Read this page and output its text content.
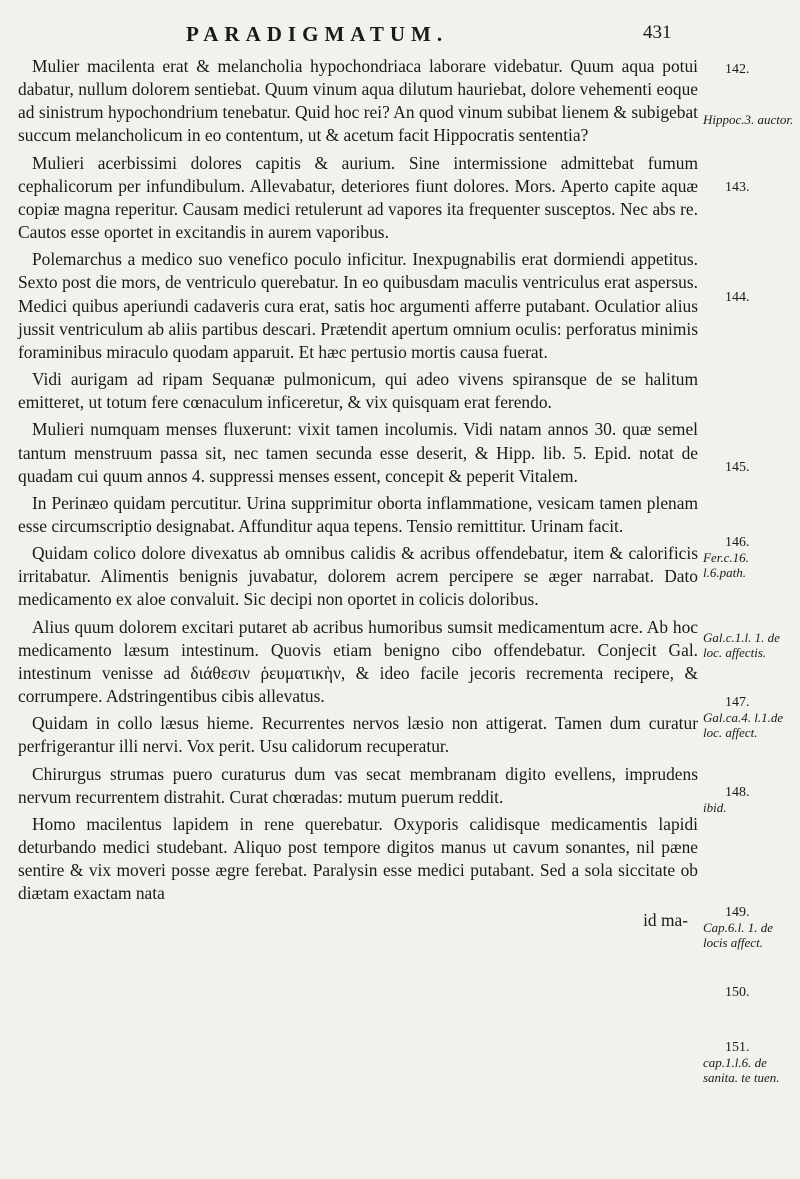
PARADIGMATUM.	431

Mulier macilenta erat & melancholia hypochondriaca laborare videbatur. Quum aqua potui dabatur, nullum dolorem sentiebat. Quum vinum aqua dilutum hauriebat, dolore vehementi eoque ad sinistrum hypochondrium tenebatur. Quid hoc rei? An quod vinum subibat lienem & subigebat succum melancholicum in eo contentum, ut & acetum facit Hippocratis sententia?

Mulieri acerbissimi dolores capitis & aurium. Sine intermissione admittebat fumum cephalicorum per infundibulum. Allevabatur, deteriores fiunt dolores. Mors. Aperto capite aquæ copiæ magna reperitur. Causam medici retulerunt ad vapores ita frequenter susceptos. Nec abs re. Cautos esse oportet in excitandis in aurem vaporibus.

Polemarchus a medico suo venefico poculo inficitur. Inexpugnabilis erat dormiendi appetitus. Sexto post die mors, de ventriculo querebatur. In eo quibusdam maculis ventriculus erat aspersus. Medici quibus aperiundi cadaveris cura erat, satis hoc argumenti afferre putabant. Oculatior alius jussit ventriculum ab aliis partibus descari. Prætendit apertum omnium oculis: perforatus minimis foraminibus miraculo quodam apparuit. Et hæc pertusio mortis causa fuerat.

Vidi aurigam ad ripam Sequanæ pulmonicum, qui adeo vivens spiransque de se halitum emitteret, ut totum fere cœnaculum inficeretur, & vix quisquam erat ferendo.

Mulieri numquam menses fluxerunt: vixit tamen incolumis. Vidi natam annos 30. quæ semel tantum menstruum passa sit, nec tamen secunda esse deserit, & Hipp. lib. 5. Epid. notat de quadam cui quum annos 4. suppressi menses essent, concepit & peperit Vitalem.

In Perinæo quidam percutitur. Urina supprimitur oborta inflammatione, vesicam tamen plenam esse circumscriptio designabat. Affunditur aqua tepens. Tensio remittitur. Urinam facit.

Quidam colico dolore divexatus ab omnibus calidis & acribus offendebatur, item & calorificis irritabatur. Alimentis benignis juvabatur, dolorem acrem percipere se æger narrabat. Dato medicamento ex aloe convaluit. Sic decipi non oportet in colicis doloribus.

Alius quum dolorem excitari putaret ab acribus humoribus sumsit medicamentum acre. Ab hoc medicamento læsum intestinum. Quovis etiam benigno cibo offendebatur. Conjecit Gal. intestinum venisse ad διάθεσιν ῥευματικὴν, & ideo facile jecoris recrementa recipere, & corrumpere. Adstringentibus cibis allevatus.

Quidam in collo læsus hieme. Recurrentes nervos læsio non attigerat. Tamen dum curatur perfrigerantur illi nervi. Vox perit. Usu calidorum recuperatur.

Chirurgus strumas puero curaturus dum vas secat membranam digito evellens, imprudens nervum recurrentem distrahit. Curat chœradas: mutum puerum reddit.

Homo macilentus lapidem in rene querebatur. Oxyporis calidisque medicamentis lapidi deturbando medici studebant. Aliquo post tempore digitos manus ut cavum sonantes, nil pæne sentire & vix moveri posse ægre ferebat. Paralysin esse medici putabant. Sed a sola siccitate ob diætam exactam nata

id ma-

142.
Hippoc.3. auctor.
143.
144.
145.
146.
Fer.c.16. l.6.path.
Gal.c.1.l. 1. de loc. affectis.
147.
Gal.ca.4. l.1.de loc. affect.
148.
ibid.
149.
Cap.6.l. 1. de locis affect.
150.
151.
cap.1.l.6. de sanita. te tuen.
